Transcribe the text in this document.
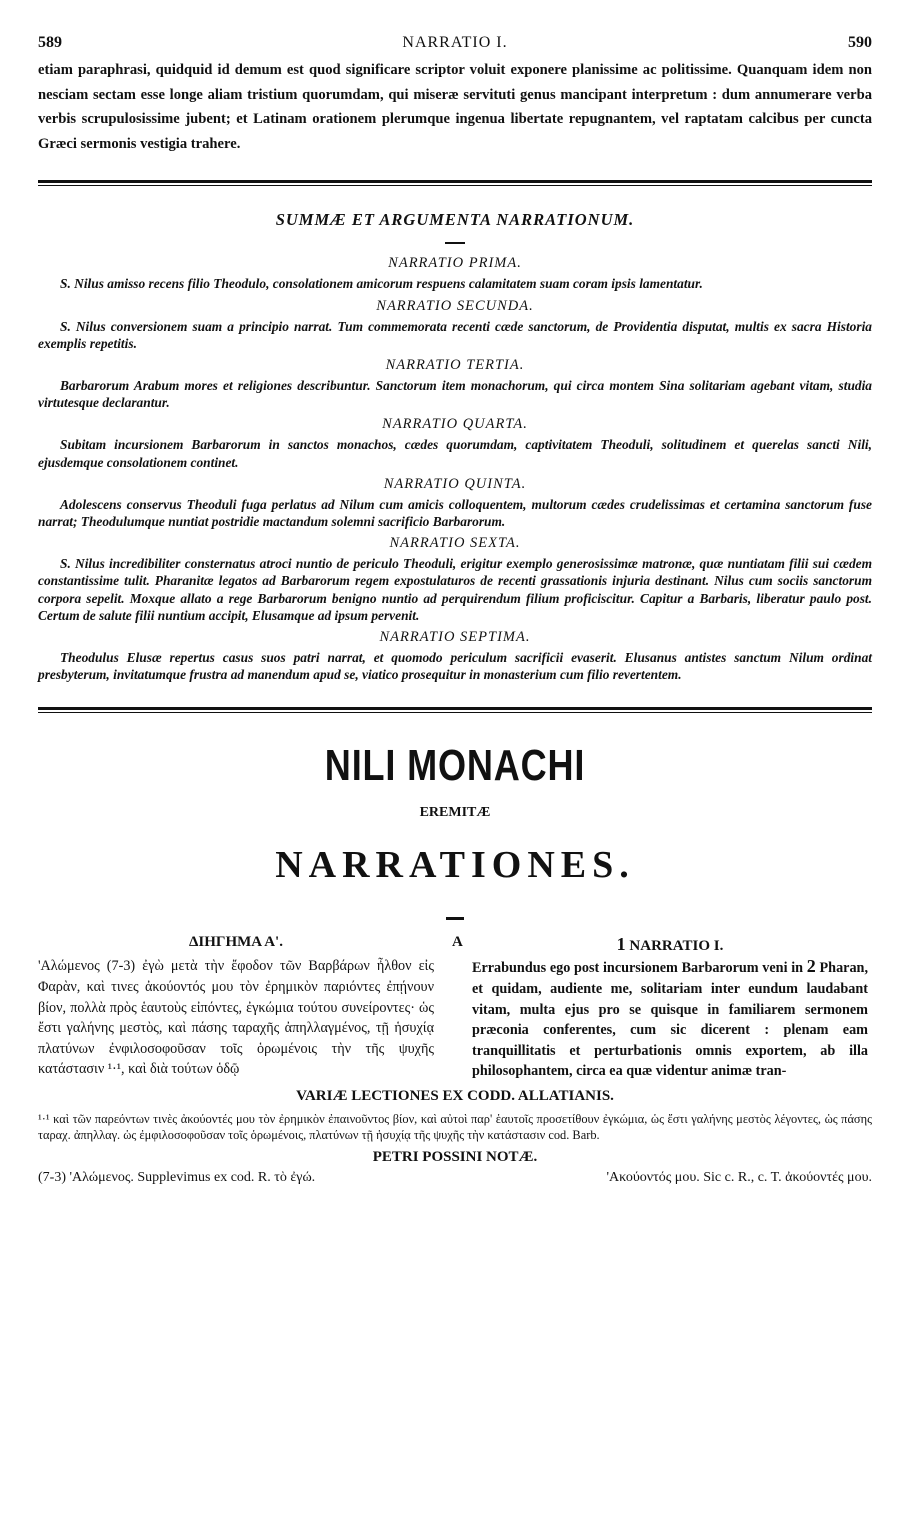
589	NARRATIO I.	590
etiam paraphrasi, quidquid id demum est quod significare scriptor voluit exponere planissime ac politissime. Quanquam idem non nesciam sectam esse longe aliam tristium quorumdam, qui miseræ servituti genus mancipant interpretum : dum annumerare verba verbis scrupulosissime jubent; et Latinam orationem plerumque ingenua libertate repugnantem, vel raptatam calcibus per cuncta Græci sermonis vestigia trahere.
SUMMÆ ET ARGUMENTA NARRATIONUM.
NARRATIO PRIMA.
S. Nilus amisso recens filio Theodulo, consolationem amicorum respuens calamitatem suam coram ipsis lamentatur.
NARRATIO SECUNDA.
S. Nilus conversionem suam a principio narrat. Tum commemorata recenti cæde sanctorum, de Providentia disputat, multis ex sacra Historia exemplis repetitis.
NARRATIO TERTIA.
Barbarorum Arabum mores et religiones describuntur. Sanctorum item monachorum, qui circa montem Sina solitariam agebant vitam, studia virtutesque declarantur.
NARRATIO QUARTA.
Subitam incursionem Barbarorum in sanctos monachos, cædes quorumdam, captivitatem Theoduli, solitudinem et querelas sancti Nili, ejusdemque consolationem continet.
NARRATIO QUINTA.
Adolescens conservus Theoduli fuga perlatus ad Nilum cum amicis colloquentem, multorum cædes crudelissimas et certamina sanctorum fuse narrat; Theodulumque nuntiat postridie mactandum solemni sacrificio Barbarorum.
NARRATIO SEXTA.
S. Nilus incredibiliter consternatus atroci nuntio de periculo Theoduli, erigitur exemplo generosissimæ matronæ, quæ nuntiatam filii sui cædem constantissime tulit. Pharanitæ legatos ad Barbarorum regem expostulaturos de recenti grassationis injuria destinant. Nilus cum sociis sanctorum corpora sepelit. Moxque allato a rege Barbarorum benigno nuntio ad perquirendum filium proficiscitur. Capitur a Barbaris, liberatur paulo post. Certum de salute filii nuntium accipit, Elusamque ad ipsum pervenit.
NARRATIO SEPTIMA.
Theodulus Elusæ repertus casus suos patri narrat, et quomodo periculum sacrificii evaserit. Elusanus antistes sanctum Nilum ordinat presbyterum, invitatumque frustra ad manendum apud se, viatico prosequitur in monasterium cum filio revertentem.
NILI MONACHI
EREMITÆ
NARRATIONES.
A
ΔΙΗΓΗΜΑ Α'.
'Αλώμενος (7-3) ἐγὼ μετὰ τὴν ἔφοδον τῶν Βαρβάρων ἦλθον εἰς Φαρὰν, καὶ τινες ἀκούοντός μου τὸν ἐρημικὸν παριόντες ἐπῄνουν βίον, πολλὰ πρὸς ἑαυτοὺς εἰπόντες, ἐγκώμια τούτου συνείροντες· ὡς ἔστι γαλήνης μεστὸς, καὶ πάσης ταραχῆς ἀπηλλαγμένος, τῇ ἡσυχίᾳ πλατύνων ἐνφιλοσοφοῦσαν τοῖς ὁρωμένοις τὴν τῆς ψυχῆς κατάστασιν ¹·¹, καὶ διὰ τούτων ὁδῷ
1 NARRATIO I.
Errabundus ego post incursionem Barbarorum veni in 2 Pharan, et quidam, audiente me, solitariam inter eundum laudabant vitam, multa ejus pro se quisque in familiarem sermonem præconia conferentes, cum sic dicerent : plenam eam tranquillitatis et perturbationis omnis exportem, ab illa philosophantem, circa ea quæ videntur animæ tran-
VARIÆ LECTIONES EX CODD. ALLATIANIS.
¹·¹ καὶ τῶν παρεόντων τινὲς ἀκούοντές μου τὸν ἐρημικὸν ἐπαινοῦντος βίον, καὶ αὐτοὶ παρ' ἑαυτοῖς προσετίθουν ἐγκώμια, ὡς ἔστι γαλήνης μεστὸς λέγοντες, ὡς πάσης ταραχ. ἀπηλλαγ. ὡς ἐμφιλοσοφοῦσαν τοῖς ὁρωμένοις, πλατύνων τῇ ἡσυχίᾳ τῆς ψυχῆς τὴν κατάστασιν cod. Barb.
PETRI POSSINI NOTÆ.
(7-3) 'Αλώμενος. Supplevimus ex cod. R. τὸ ἐγώ.	'Ακούοντός μου. Sic c. R., c. T. ἀκούοντές μου.
